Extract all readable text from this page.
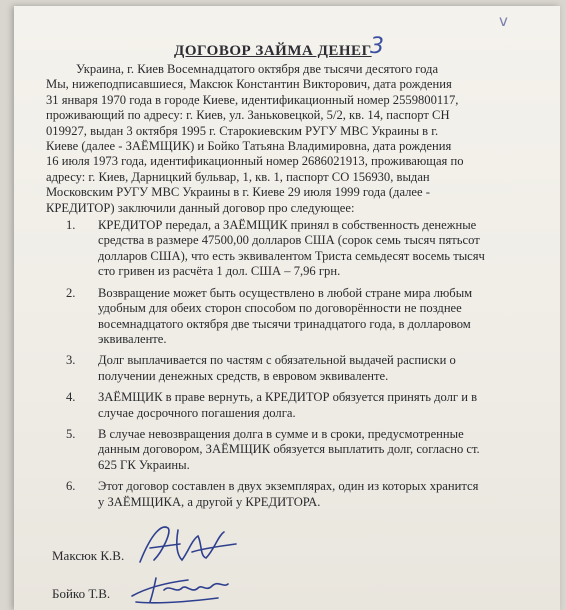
v
ДОГОВОР ЗАЙМА ДЕНЕГ
3

Украина, г. Киев Восемнадцатого октября две тысячи десятого года
Мы, нижеподписавшиеся, Максюк Константин Викторович, дата рождения
31 января 1970 года в городе Киеве, идентификационный номер 2559800117,
проживающий по адресу: г. Киев, ул. Заньковецкой, 5/2, кв. 14, паспорт СН
019927, выдан 3 октября 1995 г. Старокиевским РУГУ МВС Украины в г.
Киеве (далее - ЗАЁМЩИК) и Бойко Татьяна Владимировна, дата рождения
16 июля 1973 года, идентификационный номер 2686021913, проживающая по
адресу: г. Киев, Дарницкий бульвар, 1, кв. 1, паспорт СО 156930, выдан
Московским РУГУ МВС Украины в г. Киеве 29 июля 1999 года (далее -
КРЕДИТОР) заключили данный договор про следующее:

1. КРЕДИТОР передал, а ЗАЁМЩИК принял в собственность денежные
средства в размере 47500,00 долларов США (сорок семь тысяч пятьсот
долларов США), что есть эквивалентом Триста семьдесят восемь тысяч
сто гривен из расчёта 1 дол. США – 7,96 грн.
2. Возвращение может быть осуществлено в любой стране мира любым
удобным для обеих сторон способом по договорённости не позднее
восемнадцатого октября две тысячи тринадцатого года, в долларовом
эквиваленте.
3. Долг выплачивается по частям с обязательной выдачей расписки о
получении денежных средств, в евровом эквиваленте.
4. ЗАЁМЩИК в праве вернуть, а КРЕДИТОР обязуется принять долг и в
случае досрочного погашения долга.
5. В случае невозвращения долга в сумме и в сроки, предусмотренные
данным договором, ЗАЁМЩИК обязуется выплатить долг, согласно ст.
625 ГК Украины.
6. Этот договор составлен в двух экземплярах, один из которых хранится
у ЗАЁМЩИКА, а другой у КРЕДИТОРА.
Максюк К.В.
Бойко Т.В.
